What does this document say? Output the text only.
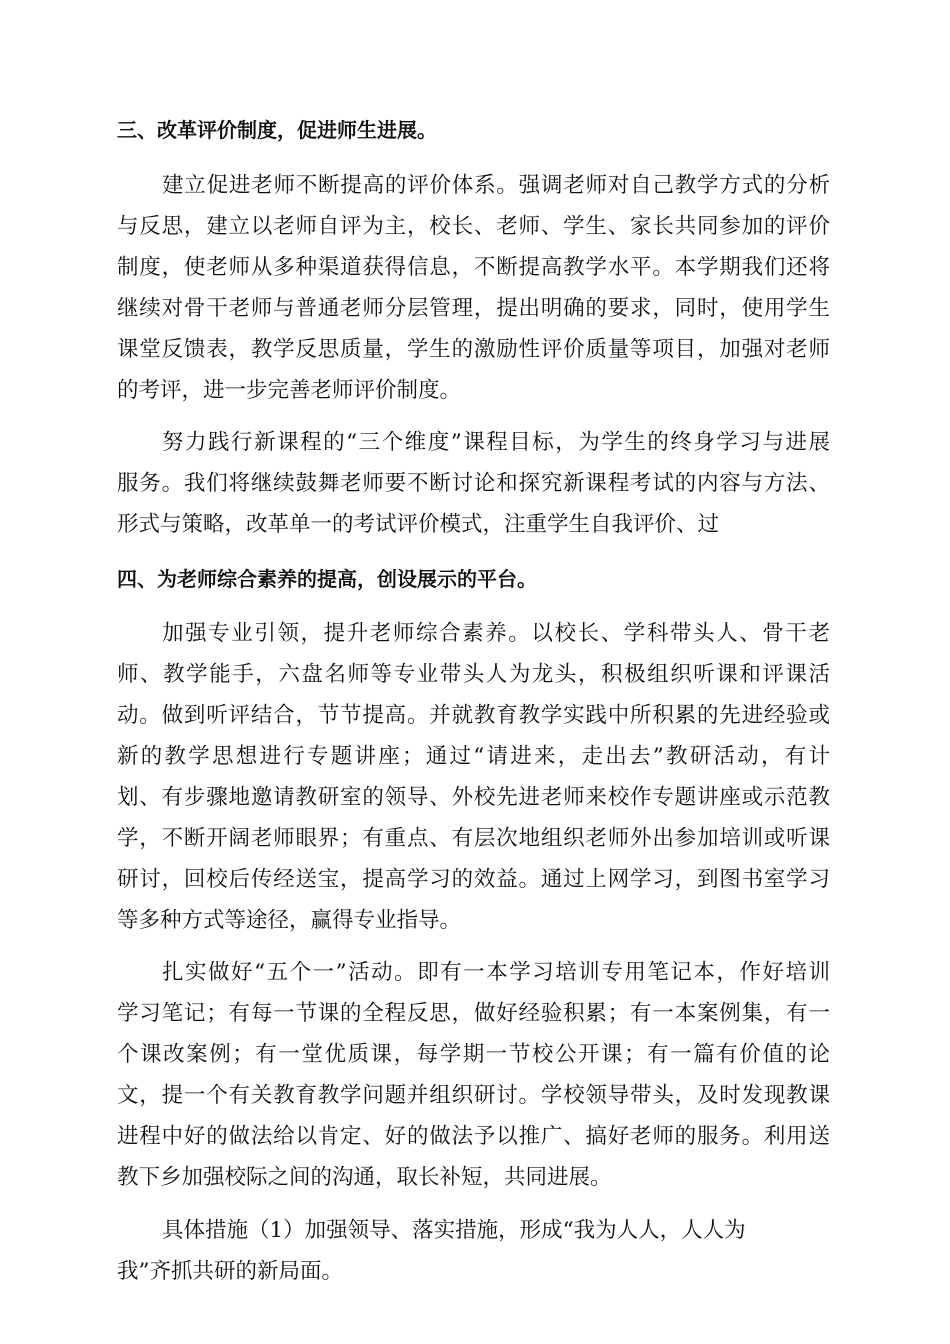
三、改革评价制度，促进师生进展。
建立促进老师不断提高的评价体系。强调老师对自己教学方式的分析
与反思，建立以老师自评为主，校长、老师、学生、家长共同参加的评价
制度，使老师从多种渠道获得信息，不断提高教学水平。本学期我们还将
继续对骨干老师与普通老师分层管理，提出明确的要求，同时，使用学生
课堂反馈表，教学反思质量，学生的激励性评价质量等项目，加强对老师
的考评，进一步完善老师评价制度。
努力践行新课程的“三个维度”课程目标，为学生的终身学习与进展
服务。我们将继续鼓舞老师要不断讨论和探究新课程考试的内容与方法、
形式与策略，改革单一的考试评价模式，注重学生自我评价、过
四、为老师综合素养的提高，创设展示的平台。
加强专业引领，提升老师综合素养。以校长、学科带头人、骨干老
师、教学能手，六盘名师等专业带头人为龙头，积极组织听课和评课活
动。做到听评结合，节节提高。并就教育教学实践中所积累的先进经验或
新的教学思想进行专题讲座；通过“请进来，走出去”教研活动，有计
划、有步骤地邀请教研室的领导、外校先进老师来校作专题讲座或示范教
学，不断开阔老师眼界；有重点、有层次地组织老师外出参加培训或听课
研讨，回校后传经送宝，提高学习的效益。通过上网学习，到图书室学习
等多种方式等途径，赢得专业指导。
扎实做好“五个一”活动。即有一本学习培训专用笔记本，作好培训
学习笔记；有每一节课的全程反思，做好经验积累；有一本案例集，有一
个课改案例；有一堂优质课，每学期一节校公开课；有一篇有价值的论
文，提一个有关教育教学问题并组织研讨。学校领导带头，及时发现教课
进程中好的做法给以肯定、好的做法予以推广、搞好老师的服务。利用送
教下乡加强校际之间的沟通，取长补短，共同进展。
具体措施（1）加强领导、落实措施，形成“我为人人，人人为
我”齐抓共研的新局面。
